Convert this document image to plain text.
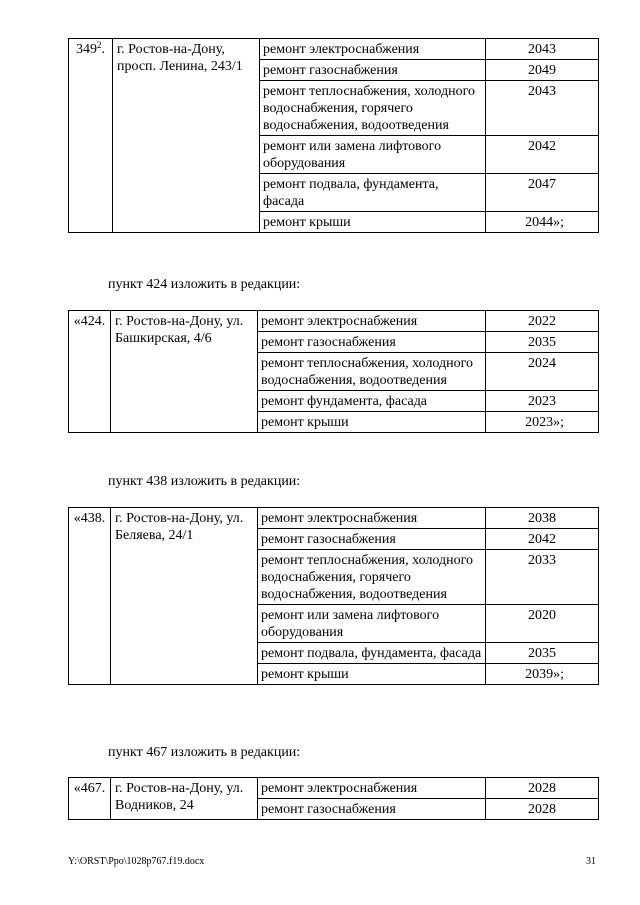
$349^2$.	г. Ростов-на-Дону, просп. Ленина, 243/1	ремонт электроснабжения	2043
		ремонт газоснабжения	2049
		ремонт теплоснабжения, холодного водоснабжения, горячего водоснабжения, водоотведения	2043
		ремонт или замена лифтового оборудования	2042
		ремонт подвала, фундамента, фасада	2047
		ремонт крыши	2044»;
пункт 424 изложить в редакции:
«424.	г. Ростов-на-Дону, ул. Башкирская, 4/6	ремонт электроснабжения	2022
		ремонт газоснабжения	2035
		ремонт теплоснабжения, холодного водоснабжения, водоотведения	2024
		ремонт фундамента, фасада	2023
		ремонт крыши	2023»;
пункт 438 изложить в редакции:
«438.	г. Ростов-на-Дону, ул. Беляева, 24/1	ремонт электроснабжения	2038
		ремонт газоснабжения	2042
		ремонт теплоснабжения, холодного водоснабжения, горячего водоснабжения, водоотведения	2033
		ремонт или замена лифтового оборудования	2020
		ремонт подвала, фундамента, фасада	2035
		ремонт крыши	2039»;
пункт 467 изложить в редакции:
«467.	г. Ростов-на-Дону, ул. Водников, 24	ремонт электроснабжения	2028
		ремонт газоснабжения	2028
Y:\ORST\Ppo\1028p767.f19.docx	31
